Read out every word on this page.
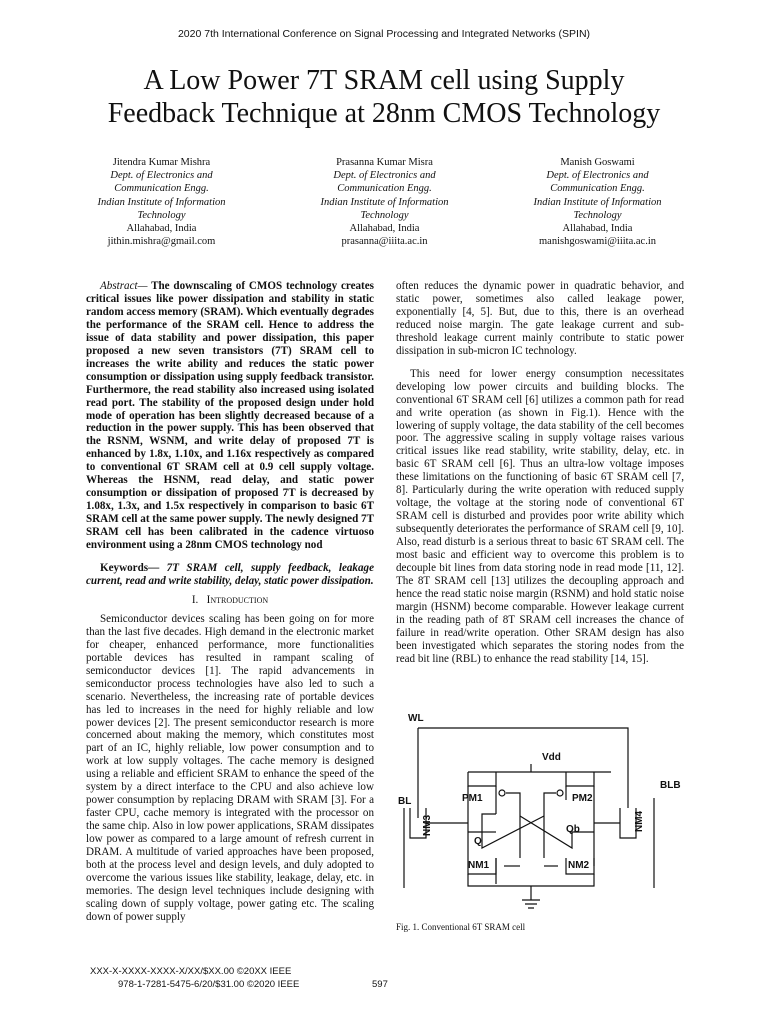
2020 7th International Conference on Signal Processing and Integrated Networks (SPIN)
A Low Power 7T SRAM cell using Supply
Feedback Technique at 28nm CMOS Technology
Jitendra Kumar Mishra
Dept. of Electronics and
Communication Engg.
Indian Institute of Information
Technology
Allahabad, India
jithin.mishra@gmail.com
Prasanna Kumar Misra
Dept. of Electronics and
Communication Engg.
Indian Institute of Information
Technology
Allahabad, India
prasanna@iiita.ac.in
Manish Goswami
Dept. of Electronics and
Communication Engg.
Indian Institute of Information
Technology
Allahabad, India
manishgoswami@iiita.ac.in

Abstract— The downscaling of CMOS technology creates critical issues like power dissipation and stability in static random access memory (SRAM). Which eventually degrades the performance of the SRAM cell. Hence to address the issue of data stability and power dissipation, this paper proposed a new seven transistors (7T) SRAM cell to increases the write ability and reduces the static power consumption or dissipation using supply feedback transistor. Furthermore, the read stability also increased using isolated read port. The stability of the proposed design under hold mode of operation has been slightly decreased because of a reduction in the power supply. This has been observed that the RSNM, WSNM, and write delay of proposed 7T is enhanced by 1.8x, 1.10x, and 1.16x respectively as compared to conventional 6T SRAM cell at 0.9 cell supply voltage. Whereas the HSNM, read delay, and static power consumption or dissipation of proposed 7T is decreased by 1.08x, 1.3x, and 1.5x respectively in comparison to basic 6T SRAM cell at the same power supply. The newly designed 7T SRAM cell has been calibrated in the cadence virtuoso environment using a 28nm CMOS technology nod

Keywords— 7T SRAM cell, supply feedback, leakage current, read and write stability, delay, static power dissipation.

I. Introduction

Semiconductor devices scaling has been going on for more than the last five decades. High demand in the electronic market for cheaper, enhanced performance, more functionalities portable devices has resulted in rampant scaling of semiconductor devices [1]. The rapid advancements in semiconductor process technologies have also led to such a scenario. Nevertheless, the increasing rate of portable devices has led to increases in the need for highly reliable and low power devices [2]. The present semiconductor research is more concerned about making the memory, which constitutes most part of an IC, highly reliable, low power consumption and to work at low supply voltages. The cache memory is designed using a reliable and efficient SRAM to enhance the speed of the system by a direct interface to the CPU and also achieve low power consumption by replacing DRAM with SRAM [3]. For a faster CPU, cache memory is integrated with the processor on the same chip. Also in low power applications, SRAM dissipates low power as compared to a large amount of refresh current in DRAM. A multitude of varied approaches have been proposed, both at the process level and design levels, and duly adopted to overcome the various issues like stability, leakage, delay, etc. in memories. The design level techniques include designing with scaling down of supply voltage, power gating etc. The scaling down of power supply

often reduces the dynamic power in quadratic behavior, and static power, sometimes also called leakage power, exponentially [4, 5]. But, due to this, there is an overhead reduced noise margin. The gate leakage current and sub-threshold leakage current mainly contribute to static power dissipation in sub-micron IC technology.

This need for lower energy consumption necessitates developing low power circuits and building blocks. The conventional 6T SRAM cell [6] utilizes a common path for read and write operation (as shown in Fig.1). Hence with the lowering of supply voltage, the data stability of the cell becomes poor. The aggressive scaling in supply voltage raises various critical issues like read stability, write stability, delay, etc. in basic 6T SRAM cell [6]. Thus an ultra-low voltage imposes these limitations on the functioning of basic 6T SRAM cell [7, 8]. Particularly during the write operation with reduced supply voltage, the voltage at the storing node of conventional 6T SRAM cell is disturbed and provides poor write ability which subsequently deteriorates the performance of SRAM cell [9, 10]. Also, read disturb is a serious threat to basic 6T SRAM cell. The most basic and efficient way to overcome this problem is to decouple bit lines from data storing node in read mode [11, 12]. The 8T SRAM cell [13] utilizes the decoupling approach and hence the read static noise margin (RSNM) and hold static noise margin (HSNM) become comparable. However leakage current in the reading path of 8T SRAM cell increases the chance of failure in read/write operation. Other SRAM design has also been investigated which separates the storing nodes from the read bit line (RBL) to enhance the read stability [14, 15].

WL
Vdd
BL
BLB
PM1	PM2
NM1	NM2
Q
Qb
NM3	NM4
Fig. 1. Conventional 6T SRAM cell
XXX-X-XXXX-XXXX-X/XX/$XX.00 ©20XX IEEE
978-1-7281-5475-6/20/$31.00 ©2020 IEEE	597
